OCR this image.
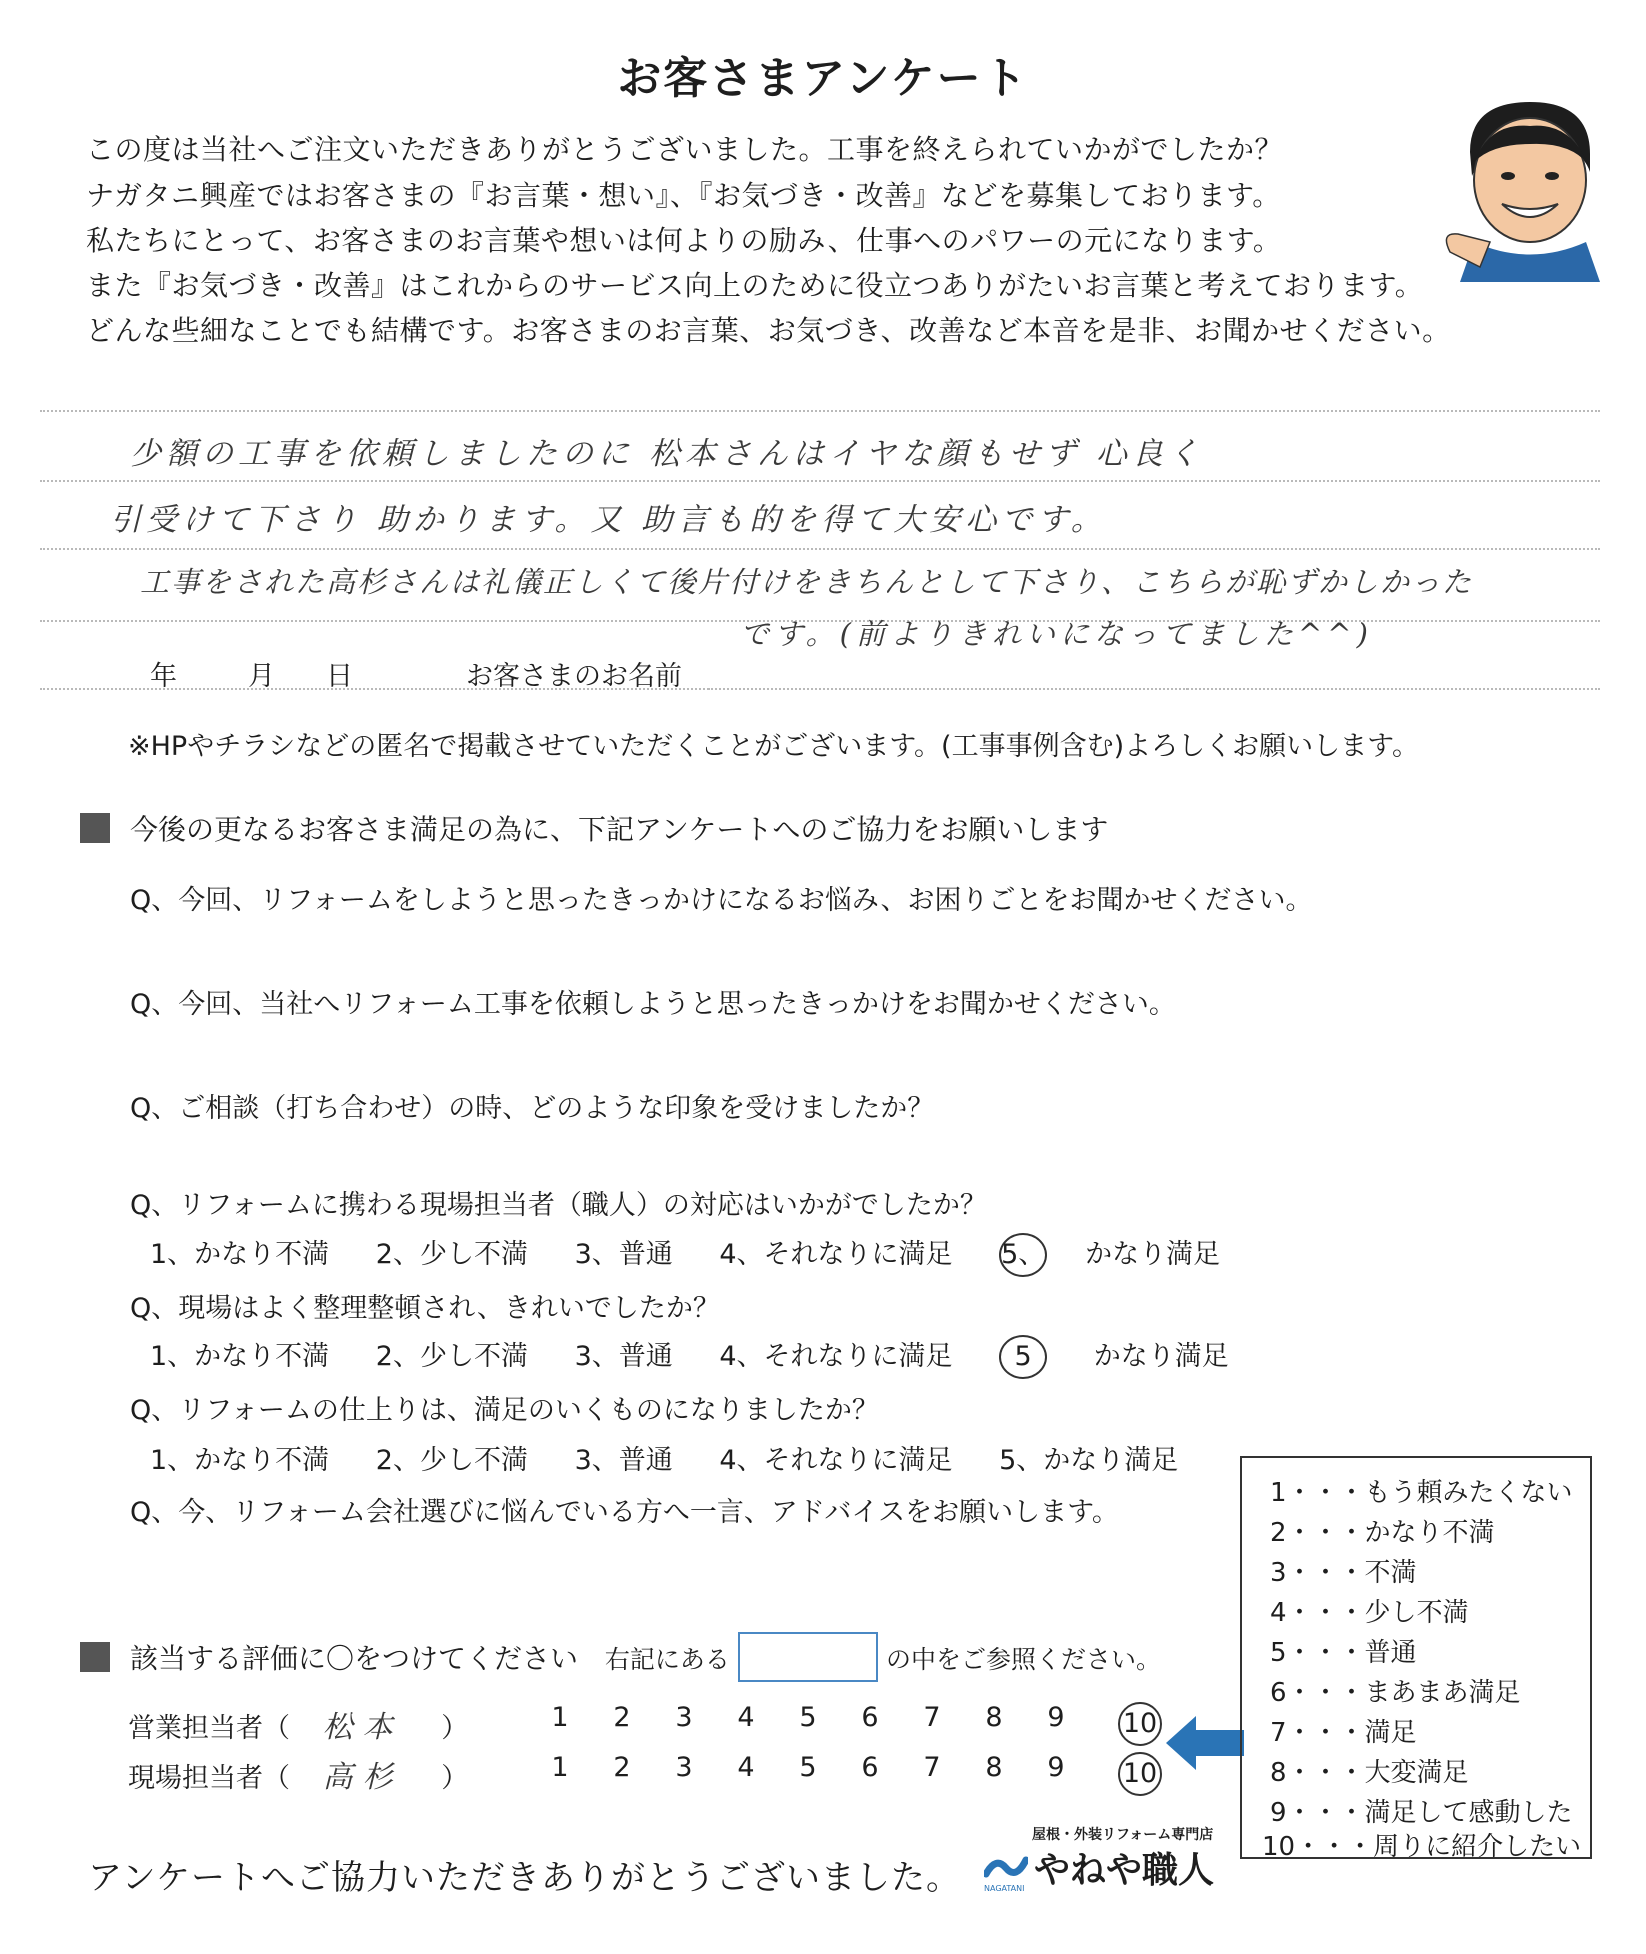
お客さまアンケート
この度は当社へご注文いただきありがとうございました。工事を終えられていかがでしたか？
ナガタニ興産ではお客さまの『お言葉・想い』、『お気づき・改善』などを募集しております。
私たちにとって、お客さまのお言葉や想いは何よりの励み、仕事へのパワーの元になります。
また『お気づき・改善』はこれからのサービス向上のために役立つありがたいお言葉と考えております。
どんな些細なことでも結構です。お客さまのお言葉、お気づき、改善など本音を是非、お聞かせください。
少額の工事を依頼しましたのに 松本さんはイヤな顔もせず 心良く
引受けて下さり 助かります。又 助言も的を得て大安心です。
工事をされた高杉さんは礼儀正しくて後片付けをきちんとして下さり、こちらが恥ずかしかった
です。(前よりきれいになってました^^)
年	月 日	お客さまのお名前
※HPやチラシなどの匿名で掲載させていただくことがございます。(工事事例含む)よろしくお願いします。
今後の更なるお客さま満足の為に、下記アンケートへのご協力をお願いします
Q、今回、リフォームをしようと思ったきっかけになるお悩み、お困りごとをお聞かせください。
Q、今回、当社へリフォーム工事を依頼しようと思ったきっかけをお聞かせください。
Q、ご相談（打ち合わせ）の時、どのような印象を受けましたか？
Q、リフォームに携わる現場担当者（職人）の対応はいかがでしたか？
1、かなり不満 2、少し不満 3、普通 4、それなりに満足 5、 かなり満足
Q、現場はよく整理整頓され、きれいでしたか？
1、かなり不満 2、少し不満 3、普通 4、それなりに満足 5 かなり満足
Q、リフォームの仕上りは、満足のいくものになりましたか？
1、かなり不満 2、少し不満 3、普通 4、それなりに満足 5、かなり満足
Q、今、リフォーム会社選びに悩んでいる方へ一言、アドバイスをお願いします。
該当する評価に〇をつけてください 右記にある	の中をご参照ください。
営業担当者（ 松本 ）	1	2	3	4	5	6	7	8	9	10
現場担当者（ 高杉 ）	1	2	3	4	5	6	7	8	9	10
1・・・もう頼みたくない
2・・・かなり不満
3・・・不満
4・・・少し不満
5・・・普通
6・・・まあまあ満足
7・・・満足
8・・・大変満足
9・・・満足して感動した
10・・・周りに紹介したい
アンケートへご協力いただきありがとうございました。
屋根・外装リフォーム専門店
NAGATANI やねや職人
